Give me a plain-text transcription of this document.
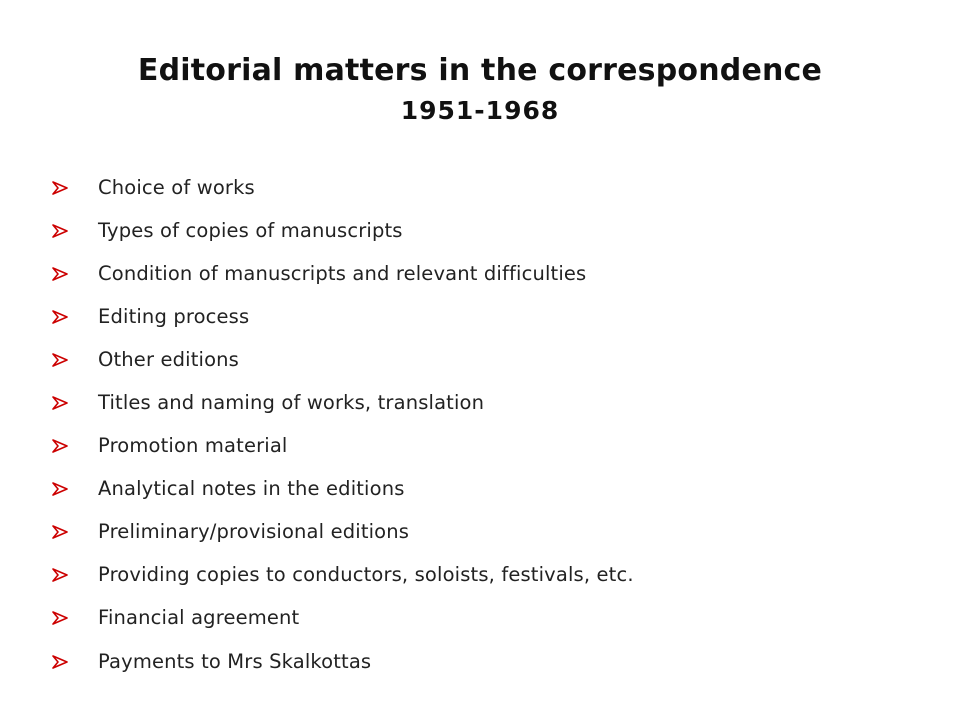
Editorial matters in the correspondence
1951-1968
Choice of works
Types of copies of manuscripts
Condition of manuscripts and relevant difficulties
Editing process
Other editions
Titles and naming of works, translation
Promotion material
Analytical notes in the editions
Preliminary/provisional editions
Providing copies to conductors, soloists, festivals, etc.
Financial agreement
Payments to Mrs Skalkottas
